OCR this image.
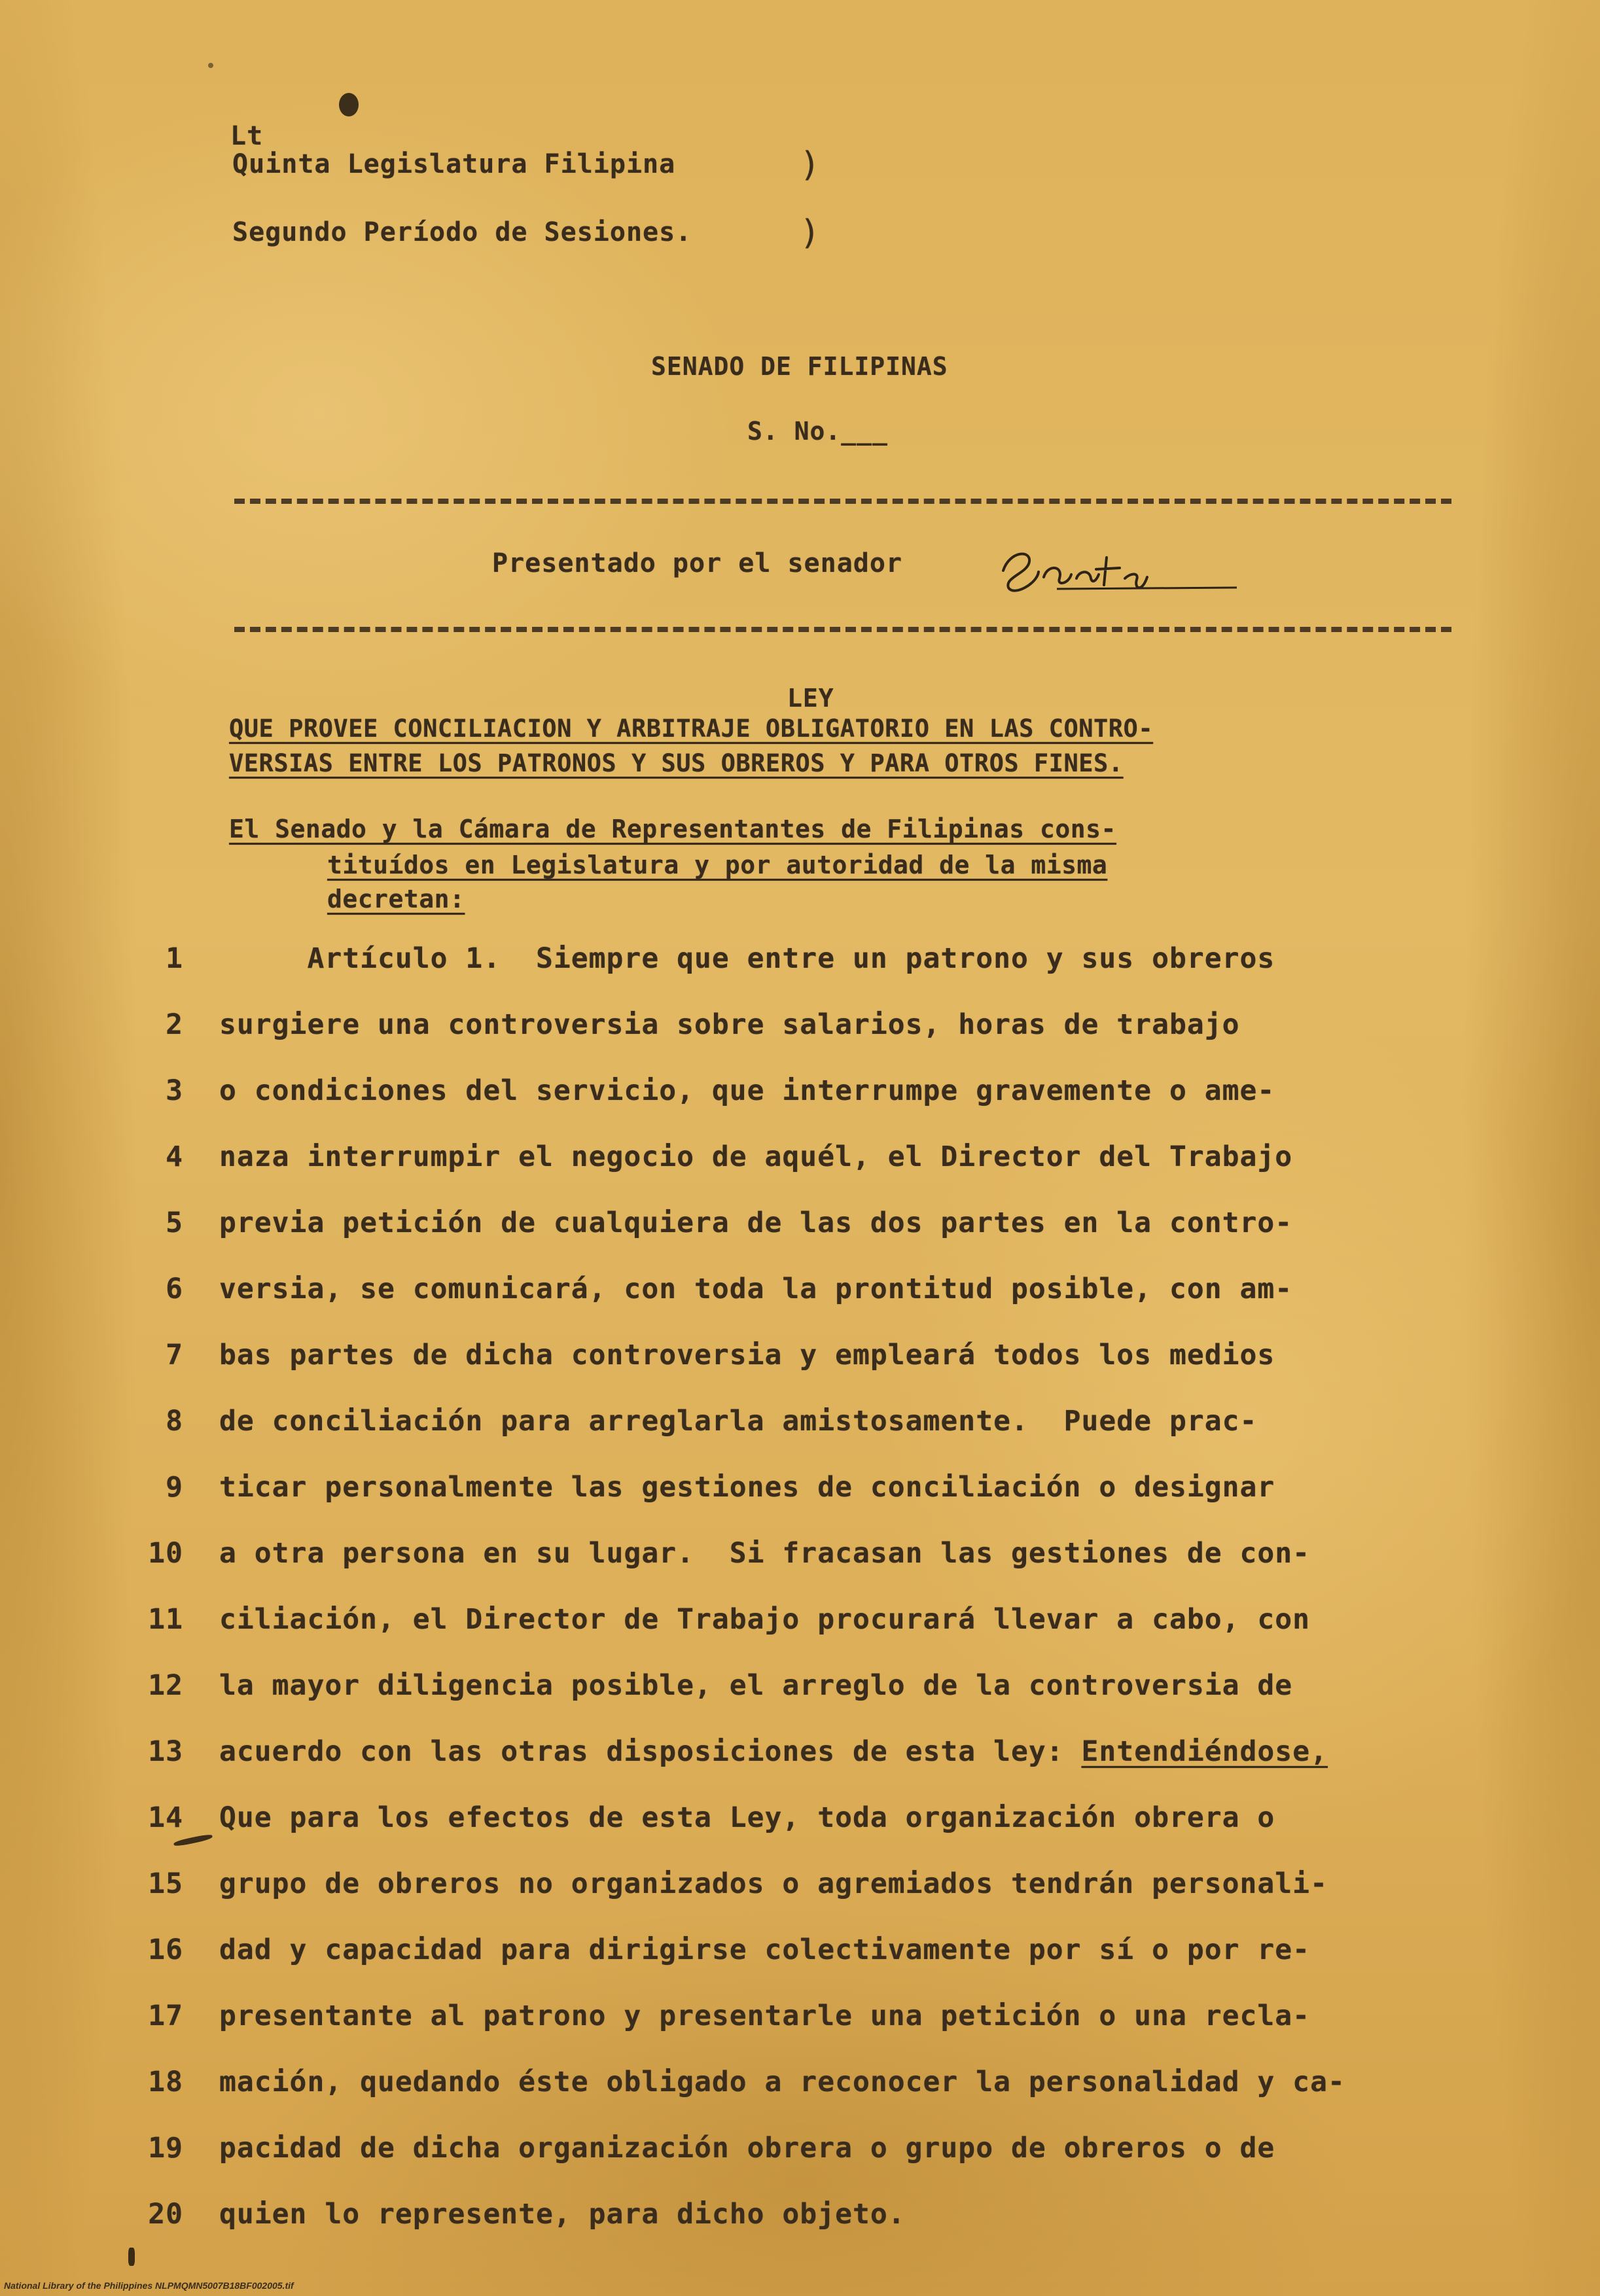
Lt
Quinta Legislatura Filipina	)
Segundo Período de Sesiones.	)
SENADO DE FILIPINAS
S. No.___
Presentado por el senador
LEY
QUE PROVEE CONCILIACION Y ARBITRAJE OBLIGATORIO EN LAS CONTRO-
VERSIAS ENTRE LOS PATRONOS Y SUS OBREROS Y PARA OTROS FINES.
El Senado y la Cámara de Representantes de Filipinas cons-
tituídos en Legislatura y por autoridad de la misma
decretan:
1 Artículo 1.  Siempre que entre un patrono y sus obreros
2 surgiere una controversia sobre salarios, horas de trabajo
3 o condiciones del servicio, que interrumpe gravemente o ame-
4 naza interrumpir el negocio de aquél, el Director del Trabajo
5 previa petición de cualquiera de las dos partes en la contro-
6 versia, se comunicará, con toda la prontitud posible, con am-
7 bas partes de dicha controversia y empleará todos los medios
8 de conciliación para arreglarla amistosamente.  Puede prac-
9 ticar personalmente las gestiones de conciliación o designar
10 a otra persona en su lugar.  Si fracasan las gestiones de con-
11 ciliación, el Director de Trabajo procurará llevar a cabo, con
12 la mayor diligencia posible, el arreglo de la controversia de
13 acuerdo con las otras disposiciones de esta ley: Entendiéndose,
14 Que para los efectos de esta Ley, toda organización obrera o
15 grupo de obreros no organizados o agremiados tendrán personali-
16 dad y capacidad para dirigirse colectivamente por sí o por re-
17 presentante al patrono y presentarle una petición o una recla-
18 mación, quedando éste obligado a reconocer la personalidad y ca-
19 pacidad de dicha organización obrera o grupo de obreros o de
20 quien lo represente, para dicho objeto.
National Library of the Philippines NLPMQMN5007B18BF002005.tif
